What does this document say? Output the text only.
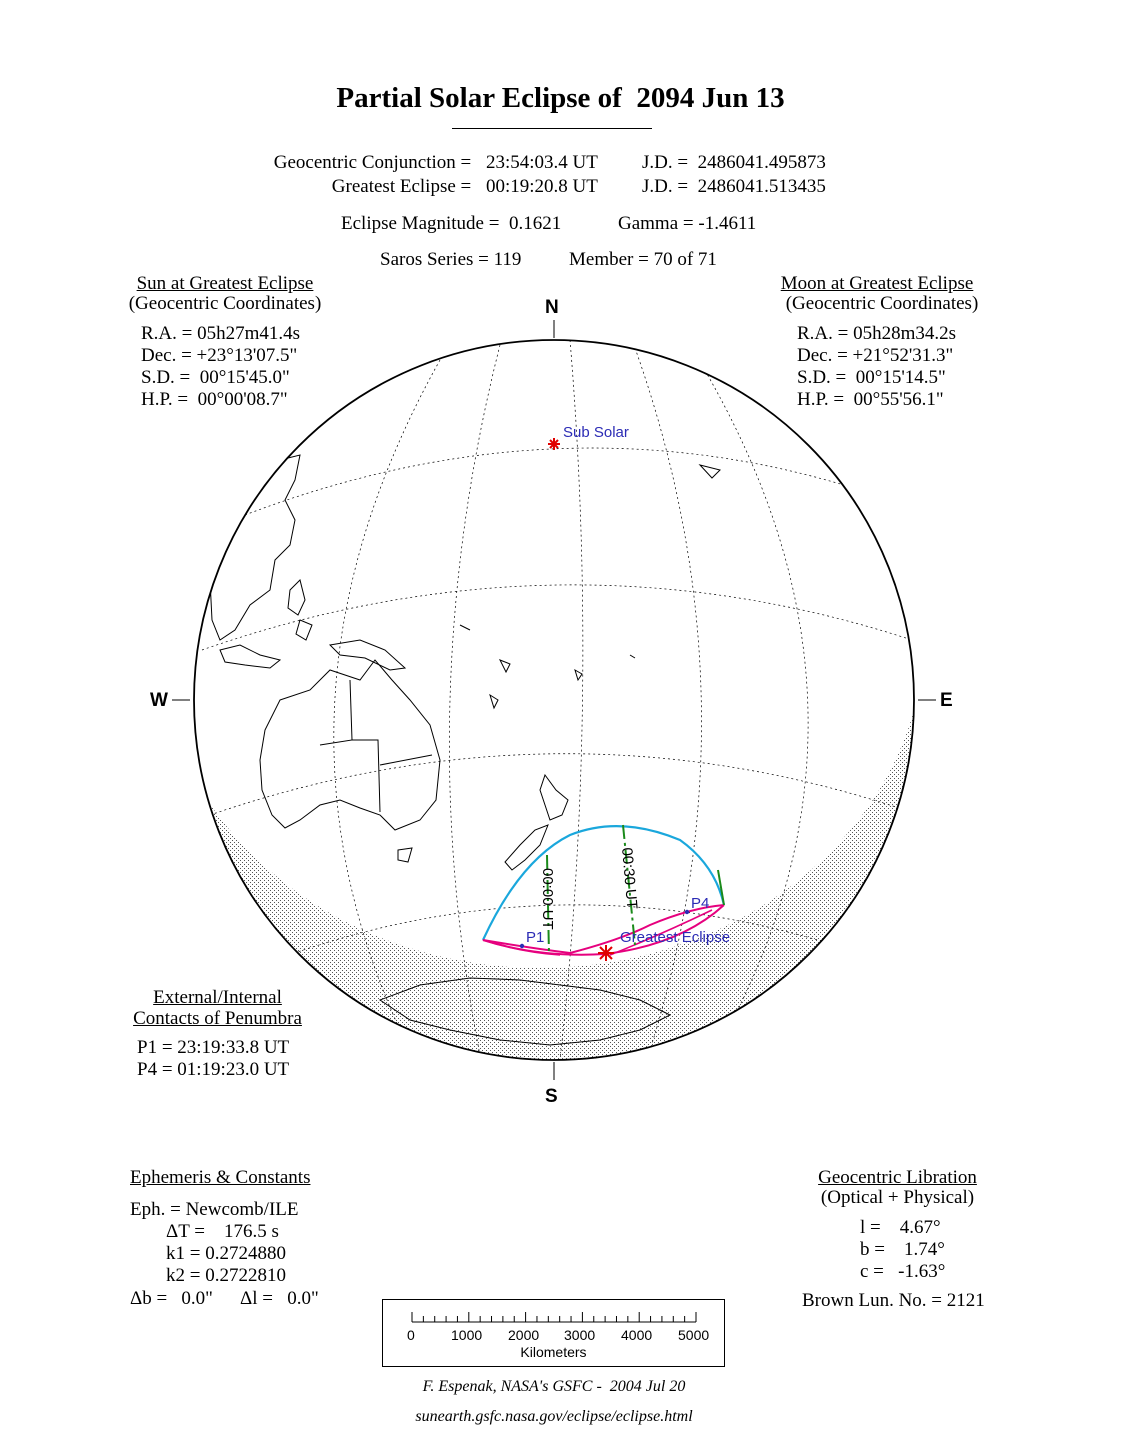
Partial Solar Eclipse of  2094 Jun 13
Geocentric Conjunction = 23:54:03.4 UT J.D. =  2486041.495873
Greatest Eclipse = 00:19:20.8 UT J.D. =  2486041.513435
Eclipse Magnitude =  0.1621	Gamma = -1.4611
Saros Series = 119	Member = 70 of 71
Sun at Greatest Eclipse
(Geocentric Coordinates)
R.A. = 05h27m41.4s
Dec. = +23°13'07.5"
S.D. =  00°15'45.0"
H.P. =  00°00'08.7"
Moon at Greatest Eclipse
(Geocentric Coordinates)
R.A. = 05h28m34.2s
Dec. = +21°52'31.3"
S.D. =  00°15'14.5"
H.P. =  00°55'56.1"
00:00 UT	00:30 UT
Sub Solar
Greatest Eclipse
P1
P4
N
S
W	E
External/Internal
Contacts of Penumbra
P1 = 23:19:33.8 UT
P4 = 01:19:23.0 UT
Ephemeris & Constants
Eph. = Newcomb/ILE
ΔT =    176.5 s
k1 = 0.2724880
k2 = 0.2722810
Δb =   0.0" Δl =   0.0"
Geocentric Libration
(Optical + Physical)
l =    4.67°
b =    1.74°
c =   -1.63°
Brown Lun. No. = 2121
0	1000 2000 3000 4000 5000
Kilometers
F. Espenak, NASA's GSFC -  2004 Jul 20
sunearth.gsfc.nasa.gov/eclipse/eclipse.html
